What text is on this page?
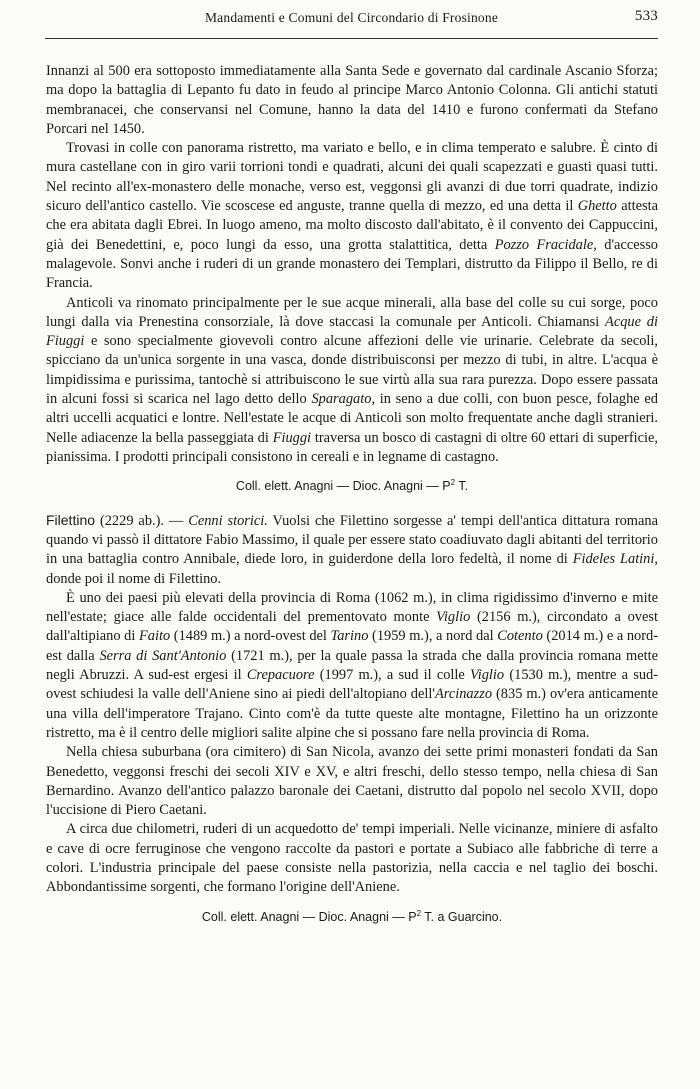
Mandamenti e Comuni del Circondario di Frosinone	533

Innanzi al 500 era sottoposto immediatamente alla Santa Sede e governato dal cardinale Ascanio Sforza; ma dopo la battaglia di Lepanto fu dato in feudo al principe Marco Antonio Colonna. Gli antichi statuti membranacei, che conservansi nel Comune, hanno la data del 1410 e furono confermati da Stefano Porcari nel 1450.

Trovasi in colle con panorama ristretto, ma variato e bello, e in clima temperato e salubre. È cinto di mura castellane con in giro varii torrioni tondi e quadrati, alcuni dei quali scapezzati e guasti quasi tutti. Nel recinto all'ex-monastero delle monache, verso est, veggonsi gli avanzi di due torri quadrate, indizio sicuro dell'antico castello. Vie scoscese ed anguste, tranne quella di mezzo, ed una detta il Ghetto attesta che era abitata dagli Ebrei. In luogo ameno, ma molto discosto dall'abitato, è il convento dei Cappuccini, già dei Benedettini, e, poco lungi da esso, una grotta stalattitica, detta Pozzo Fracidale, d'accesso malagevole. Sonvi anche i ruderi di un grande monastero dei Templari, distrutto da Filippo il Bello, re di Francia.

Anticoli va rinomato principalmente per le sue acque minerali, alla base del colle su cui sorge, poco lungi dalla via Prenestina consorziale, là dove staccasi la comunale per Anticoli. Chiamansi Acque di Fiuggi e sono specialmente giovevoli contro alcune affezioni delle vie urinarie. Celebrate da secoli, spicciano da un'unica sorgente in una vasca, donde distribuisconsi per mezzo di tubi, in altre. L'acqua è limpidissima e purissima, tantochè si attribuiscono le sue virtù alla sua rara purezza. Dopo essere passata in alcuni fossi si scarica nel lago detto dello Sparagato, in seno a due colli, con buon pesce, folaghe ed altri uccelli acquatici e lontre. Nell'estate le acque di Anticoli son molto frequentate anche dagli stranieri. Nelle adiacenze la bella passeggiata di Fiuggi traversa un bosco di castagni di oltre 60 ettari di superficie, pianissima. I prodotti principali consistono in cereali e in legname di castagno.

Coll. elett. Anagni — Dioc. Anagni — $P^2$ T.

Filettino (2229 ab.). — Cenni storici. Vuolsi che Filettino sorgesse a' tempi dell'antica dittatura romana quando vi passò il dittatore Fabio Massimo, il quale per essere stato coadiuvato dagli abitanti del territorio in una battaglia contro Annibale, diede loro, in guiderdone della loro fedeltà, il nome di Fideles Latini, donde poi il nome di Filettino.

È uno dei paesi più elevati della provincia di Roma (1062 m.), in clima rigidissimo d'inverno e mite nell'estate; giace alle falde occidentali del prementovato monte Viglio (2156 m.), circondato a ovest dall'altipiano di Faito (1489 m.) a nord-ovest del Tarino (1959 m.), a nord dal Cotento (2014 m.) e a nord-est dalla Serra di Sant'Antonio (1721 m.), per la quale passa la strada che dalla provincia romana mette negli Abruzzi. A sud-est ergesi il Crepacuore (1997 m.), a sud il colle Viglio (1530 m.), mentre a sud-ovest schiudesi la valle dell'Aniene sino ai piedi dell'altopiano dell'Arcinazzo (835 m.) ov'era anticamente una villa dell'imperatore Trajano. Cinto com'è da tutte queste alte montagne, Filettino ha un orizzonte ristretto, ma è il centro delle migliori salite alpine che si possano fare nella provincia di Roma.

Nella chiesa suburbana (ora cimitero) di San Nicola, avanzo dei sette primi monasteri fondati da San Benedetto, veggonsi freschi dei secoli XIV e XV, e altri freschi, dello stesso tempo, nella chiesa di San Bernardino. Avanzo dell'antico palazzo baronale dei Caetani, distrutto dal popolo nel secolo XVII, dopo l'uccisione di Piero Caetani.

A circa due chilometri, ruderi di un acquedotto de' tempi imperiali. Nelle vicinanze, miniere di asfalto e cave di ocre ferruginose che vengono raccolte da pastori e portate a Subiaco alle fabbriche di terre a colori. L'industria principale del paese consiste nella pastorizia, nella caccia e nel taglio dei boschi. Abbondantissime sorgenti, che formano l'origine dell'Aniene.

Coll. elett. Anagni — Dioc. Anagni — $P^2$ T. a Guarcino.
